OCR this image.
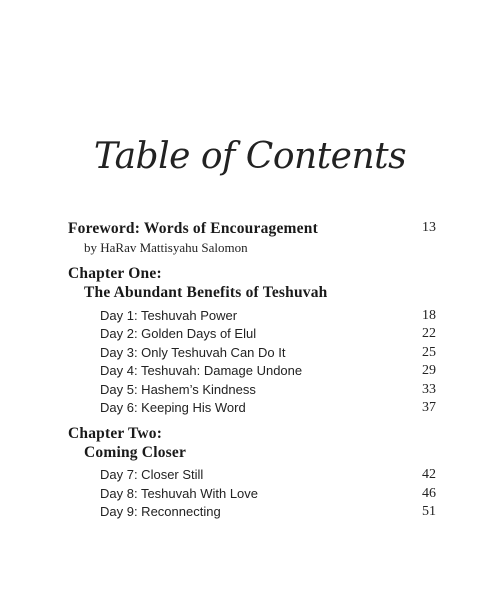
Table of Contents
Foreword: Words of Encouragement	13
by HaRav Mattisyahu Salomon
Chapter One:
The Abundant Benefits of Teshuvah
Day 1: Teshuvah Power	18
Day 2: Golden Days of Elul	22
Day 3: Only Teshuvah Can Do It	25
Day 4: Teshuvah: Damage Undone	29
Day 5: Hashem’s Kindness	33
Day 6: Keeping His Word	37
Chapter Two:
Coming Closer
Day 7: Closer Still	42
Day 8: Teshuvah With Love	46
Day 9: Reconnecting	51
